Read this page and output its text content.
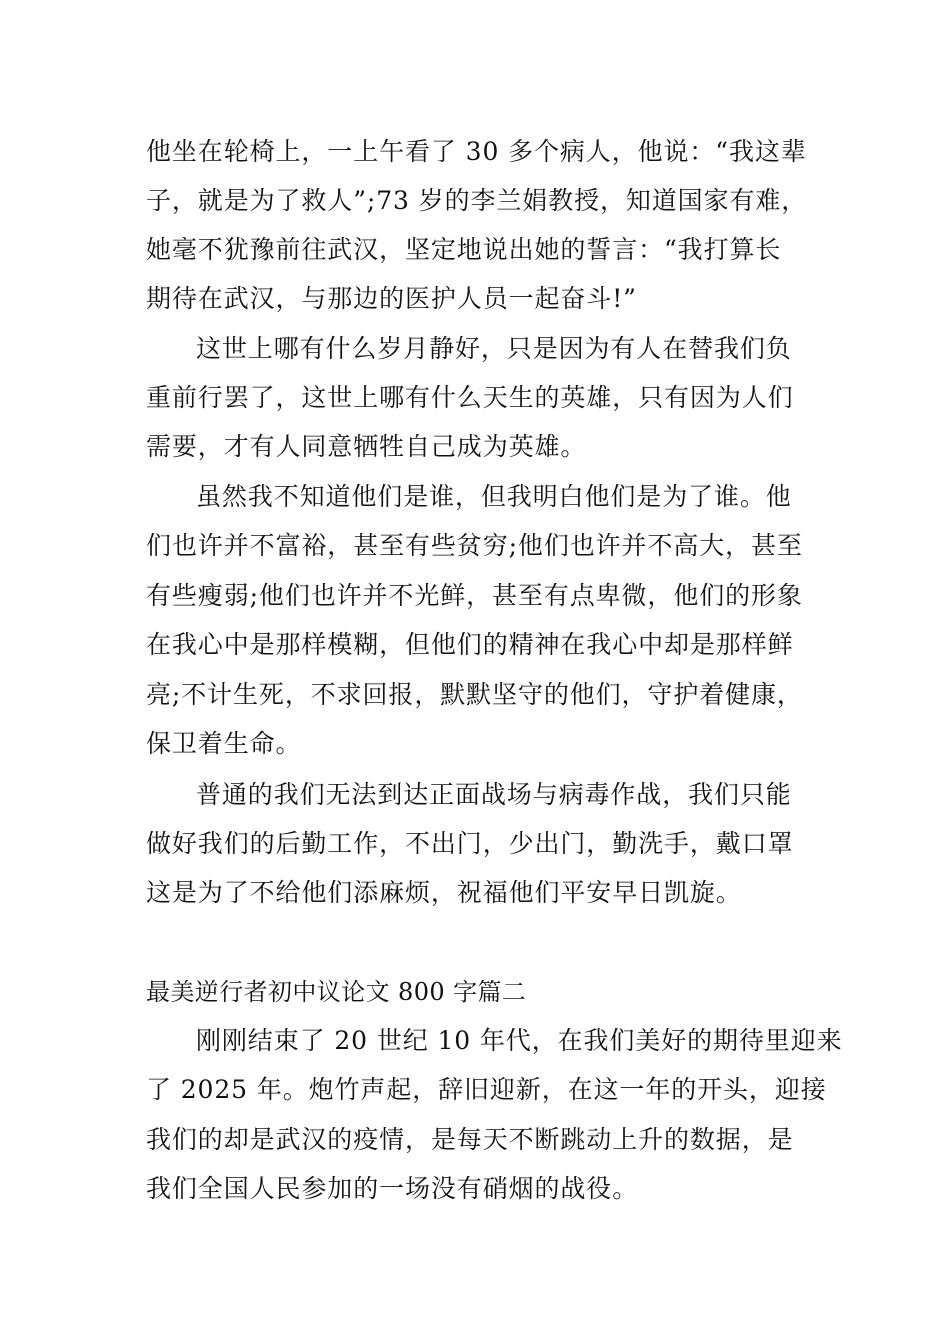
他坐在轮椅上，一上午看了 30 多个病人，他说：“我这辈
子，就是为了救人”;73 岁的李兰娟教授，知道国家有难，
她毫不犹豫前往武汉，坚定地说出她的誓言：“我打算长
期待在武汉，与那边的医护人员一起奋斗!”
这世上哪有什么岁月静好，只是因为有人在替我们负
重前行罢了，这世上哪有什么天生的英雄，只有因为人们
需要，才有人同意牺牲自己成为英雄。
虽然我不知道他们是谁，但我明白他们是为了谁。他
们也许并不富裕，甚至有些贫穷;他们也许并不高大，甚至
有些瘦弱;他们也许并不光鲜，甚至有点卑微，他们的形象
在我心中是那样模糊，但他们的精神在我心中却是那样鲜
亮;不计生死，不求回报，默默坚守的他们，守护着健康，
保卫着生命。
普通的我们无法到达正面战场与病毒作战，我们只能
做好我们的后勤工作，不出门，少出门，勤洗手，戴口罩
这是为了不给他们添麻烦，祝福他们平安早日凯旋。
最美逆行者初中议论文 800 字篇二
刚刚结束了 20 世纪 10 年代，在我们美好的期待里迎来
了 2025 年。炮竹声起，辞旧迎新，在这一年的开头，迎接
我们的却是武汉的疫情，是每天不断跳动上升的数据，是
我们全国人民参加的一场没有硝烟的战役。
